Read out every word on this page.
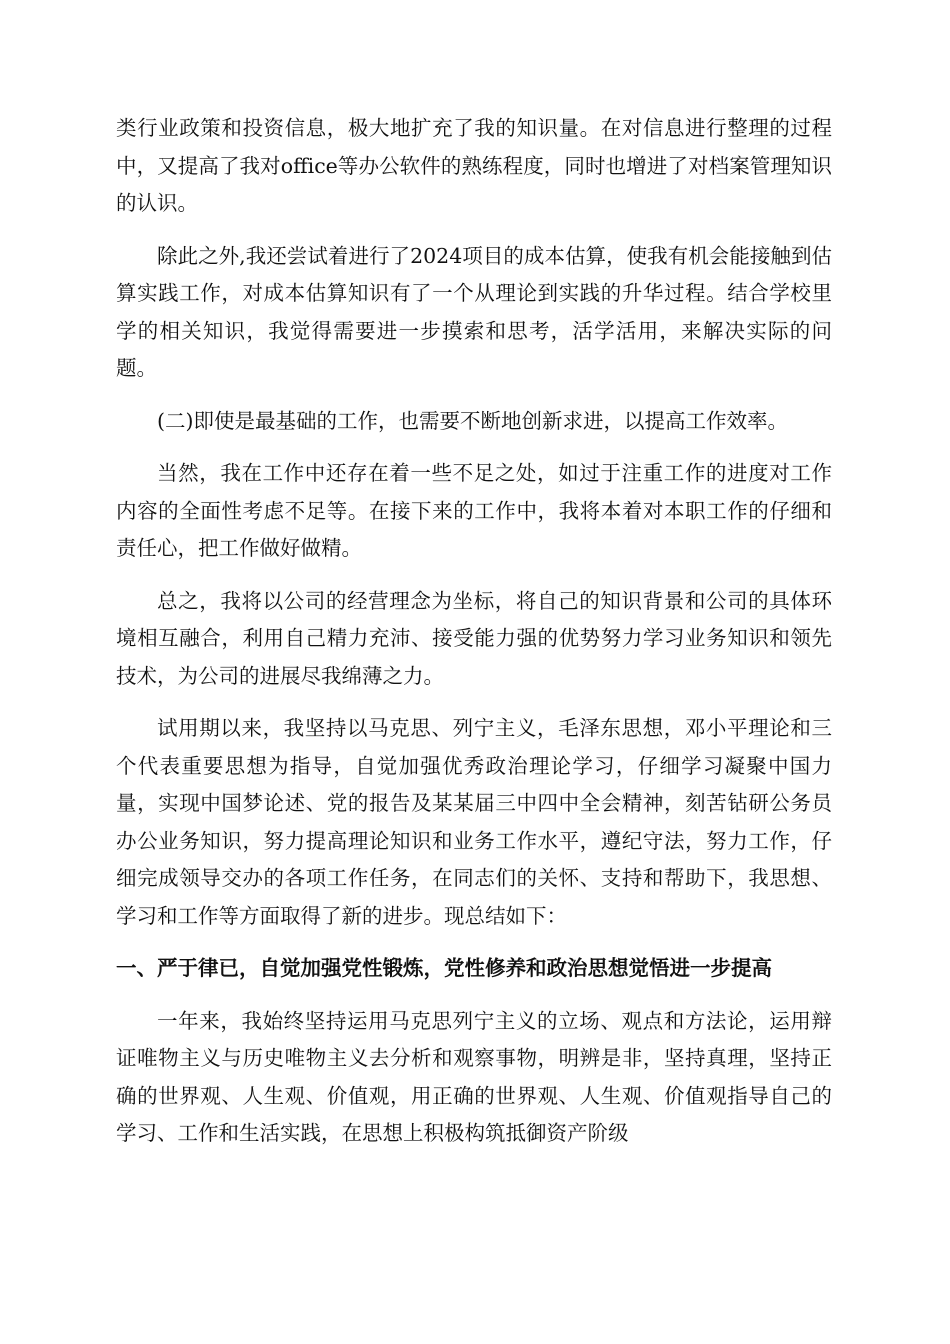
类行业政策和投资信息，极大地扩充了我的知识量。在对信息进行整理的过程中，又提高了我对office等办公软件的熟练程度，同时也增进了对档案管理知识的认识。

除此之外,我还尝试着进行了2024项目的成本估算，使我有机会能接触到估算实践工作，对成本估算知识有了一个从理论到实践的升华过程。结合学校里学的相关知识，我觉得需要进一步摸索和思考，活学活用，来解决实际的问题。

(二)即使是最基础的工作，也需要不断地创新求进，以提高工作效率。

当然，我在工作中还存在着一些不足之处，如过于注重工作的进度对工作内容的全面性考虑不足等。在接下来的工作中，我将本着对本职工作的仔细和责任心，把工作做好做精。

总之，我将以公司的经营理念为坐标，将自己的知识背景和公司的具体环境相互融合，利用自己精力充沛、接受能力强的优势努力学习业务知识和领先技术，为公司的进展尽我绵薄之力。

试用期以来，我坚持以马克思、列宁主义，毛泽东思想，邓小平理论和三个代表重要思想为指导，自觉加强优秀政治理论学习，仔细学习凝聚中国力量，实现中国梦论述、党的报告及某某届三中四中全会精神，刻苦钻研公务员办公业务知识，努力提高理论知识和业务工作水平，遵纪守法，努力工作，仔细完成领导交办的各项工作任务，在同志们的关怀、支持和帮助下，我思想、学习和工作等方面取得了新的进步。现总结如下：

一、严于律已，自觉加强党性锻炼，党性修养和政治思想觉悟进一步提高

一年来，我始终坚持运用马克思列宁主义的立场、观点和方法论，运用辩证唯物主义与历史唯物主义去分析和观察事物，明辨是非，坚持真理，坚持正确的世界观、人生观、价值观，用正确的世界观、人生观、价值观指导自己的学习、工作和生活实践，在思想上积极构筑抵御资产阶级
